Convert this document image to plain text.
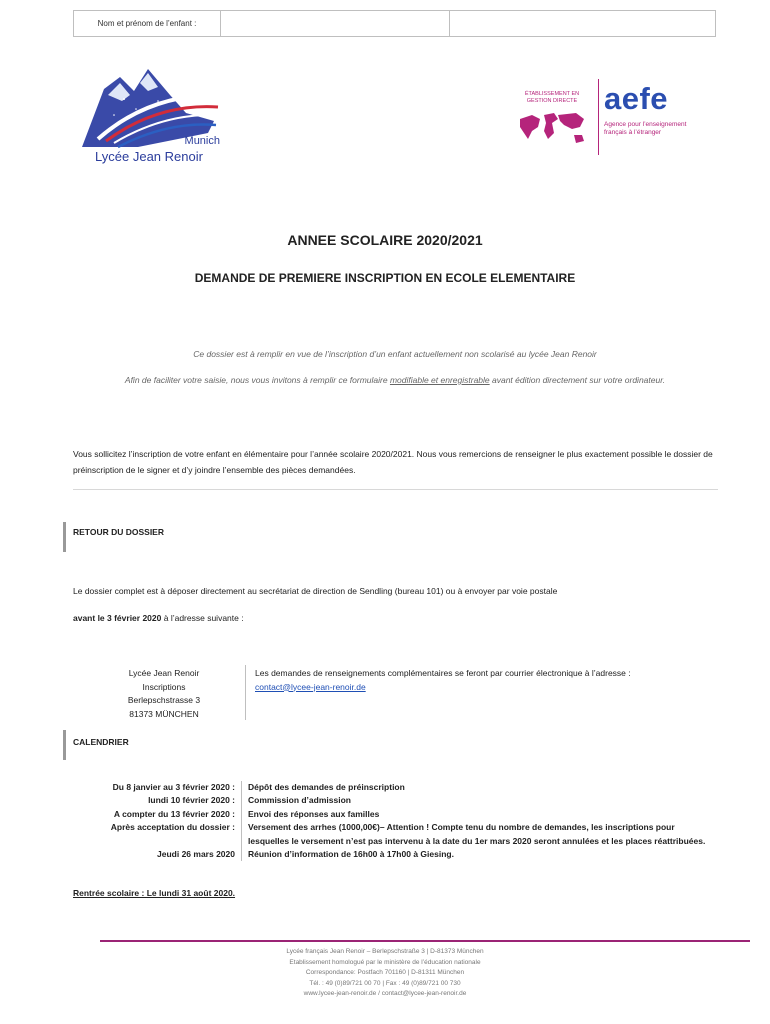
Nom et prénom de l’enfant :
Munich
Lycée Jean Renoir
ÉTABLISSEMENT EN GESTION DIRECTE aefe
Agence pour l’enseignement français à l’étranger
ANNEE SCOLAIRE 2020/2021
DEMANDE DE PREMIERE INSCRIPTION EN ECOLE ELEMENTAIRE
Ce dossier est à remplir en vue de l’inscription d’un enfant actuellement non scolarisé au lycée Jean Renoir
Afin de faciliter votre saisie, nous vous invitons à remplir ce formulaire modifiable et enregistrable avant édition directement sur votre ordinateur.
Vous sollicitez l’inscription de votre enfant en élémentaire pour l’année scolaire 2020/2021. Nous vous remercions de renseigner le plus exactement possible le dossier de préinscription de le signer et d’y joindre l’ensemble des pièces demandées.
RETOUR DU DOSSIER
Le dossier complet est à déposer directement au secrétariat de direction de Sendling (bureau 101) ou à envoyer par voie postale
avant le 3 février 2020 à l’adresse suivante :
Lycée Jean Renoir
Inscriptions
Berlepschstrasse 3
81373 MÜNCHEN
Les demandes de renseignements complémentaires se feront par courrier électronique à l’adresse :
contact@lycee-jean-renoir.de
CALENDRIER
Du 8 janvier au 3 février 2020 :	Dépôt des demandes de préinscription
lundi 10 février 2020 :	Commission d’admission
A compter du 13 février 2020 :	Envoi des réponses aux familles
Après acceptation du dossier :	Versement des arrhes (1000,00€)– Attention ! Compte tenu du nombre de demandes, les inscriptions pour lesquelles le versement n’est pas intervenu à la date du 1er mars 2020 seront annulées et les places réattribuées.
Jeudi 26 mars 2020	Réunion d’information de 16h00 à 17h00 à Giesing.
Rentrée scolaire : Le lundi 31 août 2020.
Lycée français Jean Renoir – Berlepschstraße 3 | D-81373 München
Etablissement homologué par le ministère de l’éducation nationale
Correspondance: Postfach 701160 | D-81311 München
Tél. : 49 (0)89/721 00 70 | Fax : 49 (0)89/721 00 730
www.lycee-jean-renoir.de / contact@lycee-jean-renoir.de
